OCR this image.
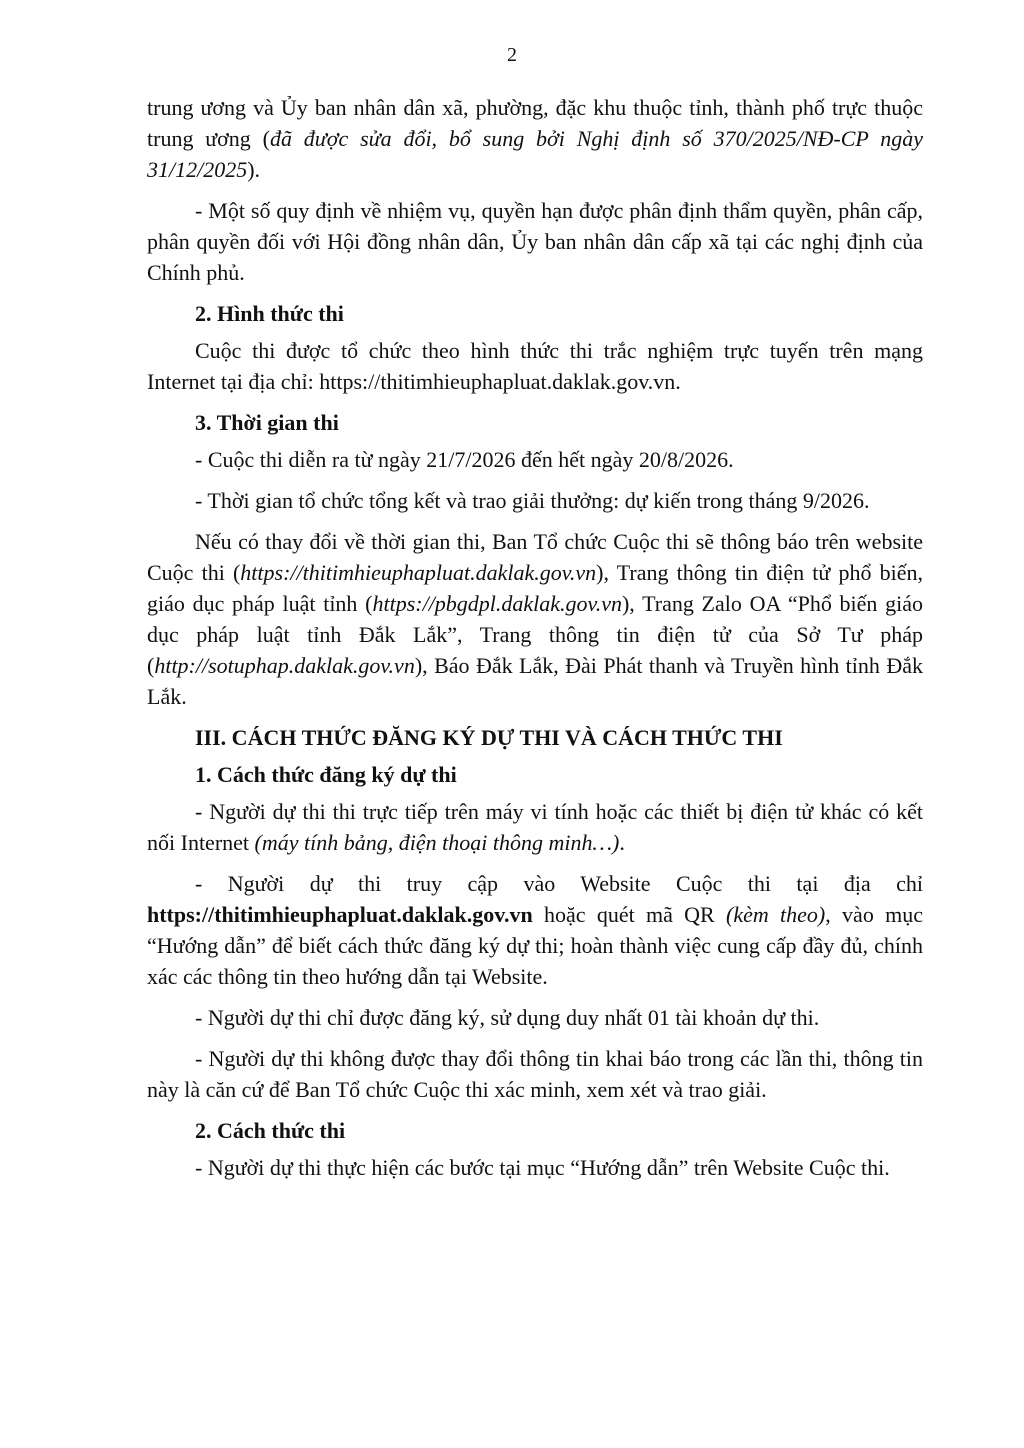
2

trung ương và Ủy ban nhân dân xã, phường, đặc khu thuộc tỉnh, thành phố trực thuộc trung ương (đã được sửa đổi, bổ sung bởi Nghị định số 370/2025/NĐ-CP ngày 31/12/2025).

- Một số quy định về nhiệm vụ, quyền hạn được phân định thẩm quyền, phân cấp, phân quyền đối với Hội đồng nhân dân, Ủy ban nhân dân cấp xã tại các nghị định của Chính phủ.

2. Hình thức thi

Cuộc thi được tổ chức theo hình thức thi trắc nghiệm trực tuyến trên mạng Internet tại địa chỉ: https://thitimhieuphapluat.daklak.gov.vn.

3. Thời gian thi

- Cuộc thi diễn ra từ ngày 21/7/2026 đến hết ngày 20/8/2026.

- Thời gian tổ chức tổng kết và trao giải thưởng: dự kiến trong tháng 9/2026.

Nếu có thay đổi về thời gian thi, Ban Tổ chức Cuộc thi sẽ thông báo trên website Cuộc thi (https://thitimhieuphapluat.daklak.gov.vn), Trang thông tin điện tử phổ biến, giáo dục pháp luật tỉnh (https://pbgdpl.daklak.gov.vn), Trang Zalo OA “Phổ biến giáo dục pháp luật tỉnh Đắk Lắk”, Trang thông tin điện tử của Sở Tư pháp (http://sotuphap.daklak.gov.vn), Báo Đắk Lắk, Đài Phát thanh và Truyền hình tỉnh Đắk Lắk.

III. CÁCH THỨC ĐĂNG KÝ DỰ THI VÀ CÁCH THỨC THI
1. Cách thức đăng ký dự thi

- Người dự thi thi trực tiếp trên máy vi tính hoặc các thiết bị điện tử khác có kết nối Internet (máy tính bảng, điện thoại thông minh…).

- Người dự thi truy cập vào Website Cuộc thi tại địa chỉ https://thitimhieuphapluat.daklak.gov.vn hoặc quét mã QR (kèm theo), vào mục “Hướng dẫn” để biết cách thức đăng ký dự thi; hoàn thành việc cung cấp đầy đủ, chính xác các thông tin theo hướng dẫn tại Website.

- Người dự thi chỉ được đăng ký, sử dụng duy nhất 01 tài khoản dự thi.

- Người dự thi không được thay đổi thông tin khai báo trong các lần thi, thông tin này là căn cứ để Ban Tổ chức Cuộc thi xác minh, xem xét và trao giải.

2. Cách thức thi

- Người dự thi thực hiện các bước tại mục “Hướng dẫn” trên Website Cuộc thi.
